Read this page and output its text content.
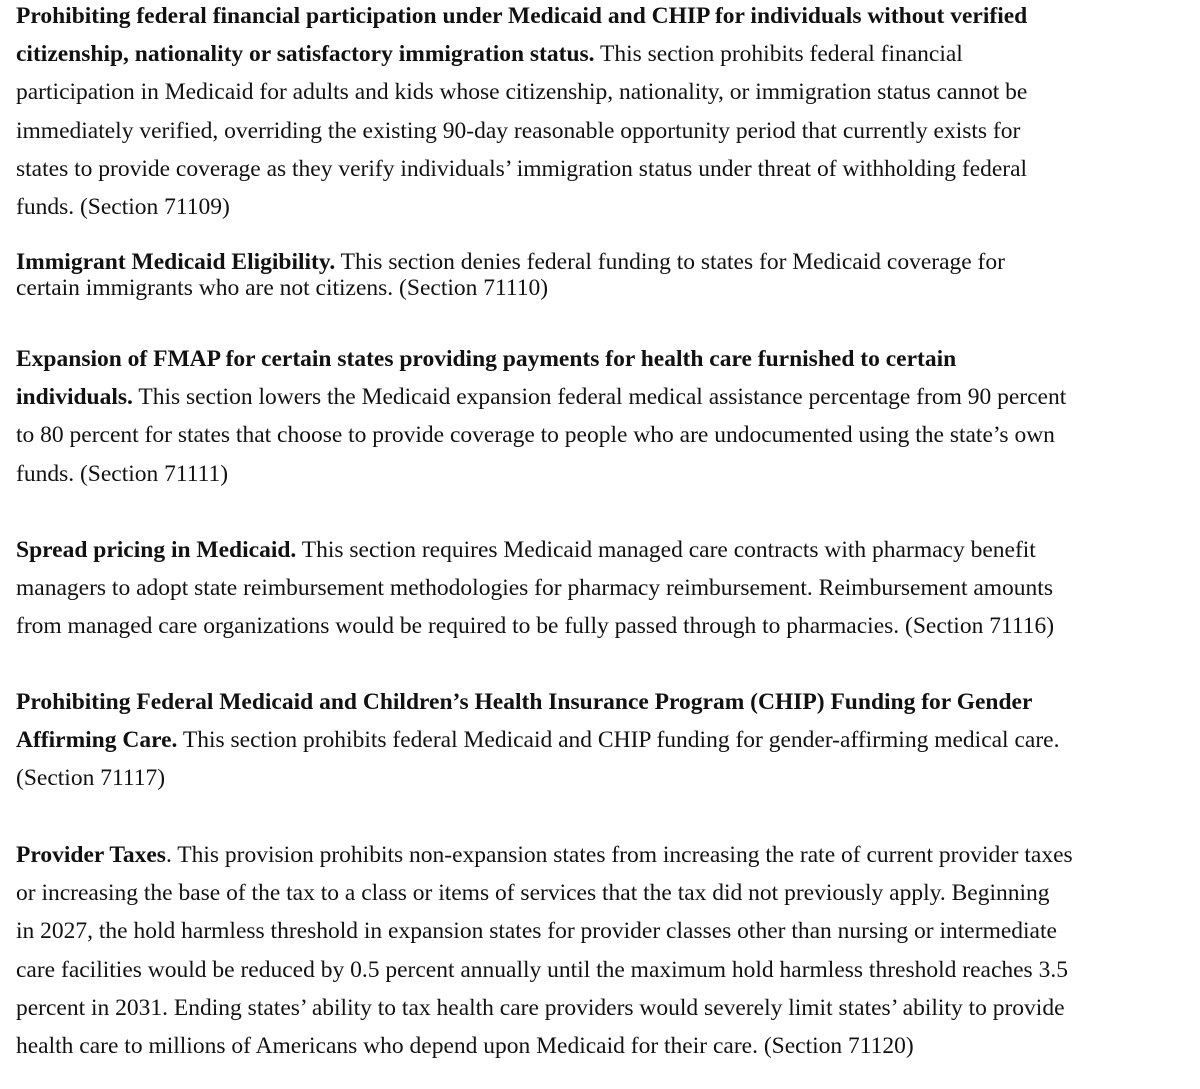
Prohibiting federal financial participation under Medicaid and CHIP for individuals without verified
citizenship, nationality or satisfactory immigration status. This section prohibits federal financial
participation in Medicaid for adults and kids whose citizenship, nationality, or immigration status cannot be
immediately verified, overriding the existing 90-day reasonable opportunity period that currently exists for
states to provide coverage as they verify individuals’ immigration status under threat of withholding federal
funds. (Section 71109)
Immigrant Medicaid Eligibility. This section denies federal funding to states for Medicaid coverage for
certain immigrants who are not citizens. (Section 71110)
Expansion of FMAP for certain states providing payments for health care furnished to certain
individuals. This section lowers the Medicaid expansion federal medical assistance percentage from 90 percent
to 80 percent for states that choose to provide coverage to people who are undocumented using the state’s own
funds. (Section 71111)
Spread pricing in Medicaid. This section requires Medicaid managed care contracts with pharmacy benefit
managers to adopt state reimbursement methodologies for pharmacy reimbursement. Reimbursement amounts
from managed care organizations would be required to be fully passed through to pharmacies. (Section 71116)
Prohibiting Federal Medicaid and Children’s Health Insurance Program (CHIP) Funding for Gender
Affirming Care. This section prohibits federal Medicaid and CHIP funding for gender-affirming medical care.
(Section 71117)
Provider Taxes. This provision prohibits non-expansion states from increasing the rate of current provider taxes
or increasing the base of the tax to a class or items of services that the tax did not previously apply. Beginning
in 2027, the hold harmless threshold in expansion states for provider classes other than nursing or intermediate
care facilities would be reduced by 0.5 percent annually until the maximum hold harmless threshold reaches 3.5
percent in 2031. Ending states’ ability to tax health care providers would severely limit states’ ability to provide
health care to millions of Americans who depend upon Medicaid for their care. (Section 71120)
